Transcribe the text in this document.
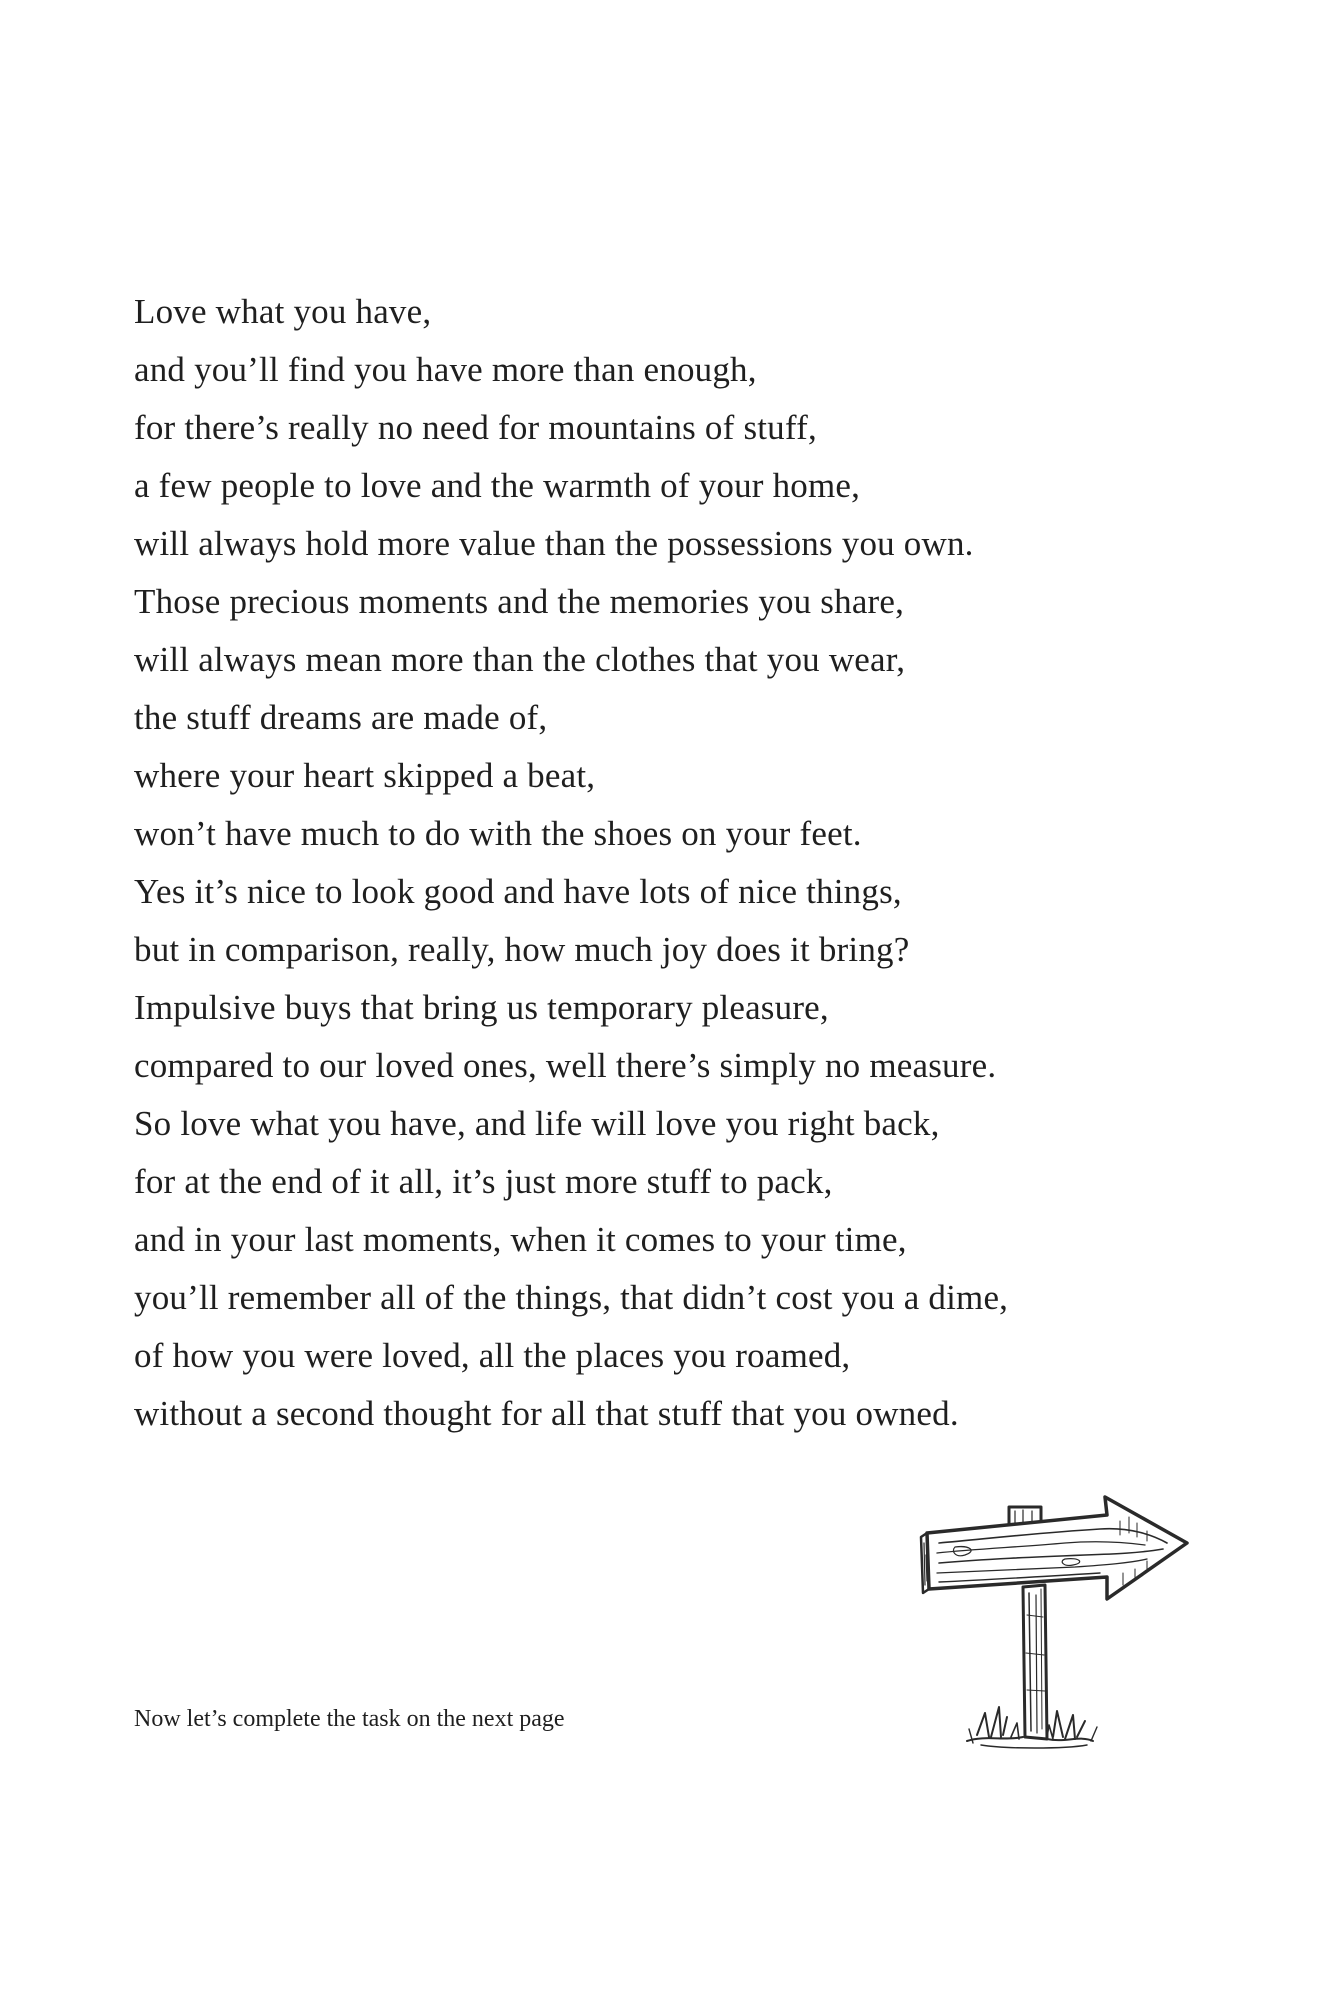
Love what you have,
and you’ll find you have more than enough,
for there’s really no need for mountains of stuff,
a few people to love and the warmth of your home,
will always hold more value than the possessions you own.
Those precious moments and the memories you share,
will always mean more than the clothes that you wear,
the stuff dreams are made of,
where your heart skipped a beat,
won’t have much to do with the shoes on your feet.
Yes it’s nice to look good and have lots of nice things,
but in comparison, really, how much joy does it bring?
Impulsive buys that bring us temporary pleasure,
compared to our loved ones, well there’s simply no measure.
So love what you have, and life will love you right back,
for at the end of it all, it’s just more stuff to pack,
and in your last moments, when it comes to your time,
you’ll remember all of the things, that didn’t cost you a dime,
of how you were loved, all the places you roamed,
without a second thought for all that stuff that you owned.
Now let’s complete the task on the next page
